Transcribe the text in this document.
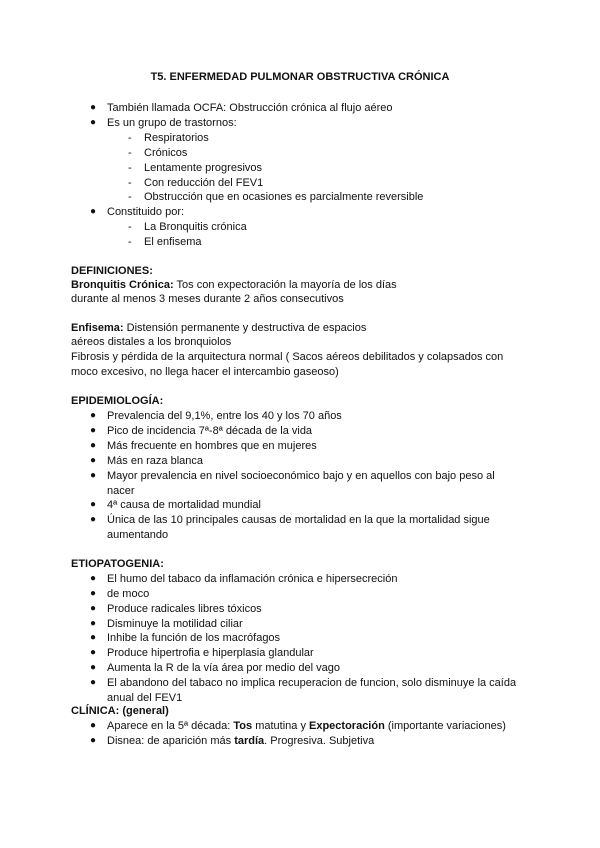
T5. ENFERMEDAD PULMONAR OBSTRUCTIVA CRÓNICA
● También llamada OCFA: Obstrucción crónica al flujo aéreo
● Es un grupo de trastornos:
- Respiratorios
- Crónicos
- Lentamente progresivos
- Con reducción del FEV1
- Obstrucción que en ocasiones es parcialmente reversible
● Constituido por:
- La Bronquitis crónica
- El enfisema
DEFINICIONES:
Bronquitis Crónica: Tos con expectoración la mayoría de los días
durante al menos 3 meses durante 2 años consecutivos
Enfisema: Distensión permanente y destructiva de espacios
aéreos distales a los bronquiolos
Fibrosis y pérdida de la arquitectura normal ( Sacos aéreos debilitados y colapsados con
moco excesivo, no llega hacer el intercambio gaseoso)
EPIDEMIOLOGÍA:
● Prevalencia del 9,1%, entre los 40 y los 70 años
● Pico de incidencia 7ª-8ª década de la vida
● Más frecuente en hombres que en mujeres
● Más en raza blanca
● Mayor prevalencia en nivel socioeconómico bajo y en aquellos con bajo peso al
nacer
● 4ª causa de mortalidad mundial
● Única de las 10 principales causas de mortalidad en la que la mortalidad sigue
aumentando
ETIOPATOGENIA:
● El humo del tabaco da inflamación crónica e hipersecreción
● de moco
● Produce radicales libres tóxicos
● Disminuye la motilidad ciliar
● Inhibe la función de los macrófagos
● Produce hipertrofia e hiperplasia glandular
● Aumenta la R de la vía área por medio del vago
● El abandono del tabaco no implica recuperacion de funcion, solo disminuye la caída
anual del FEV1
CLÍNICA: (general)
● Aparece en la 5ª década: Tos matutina y Expectoración (importante variaciones)
● Disnea: de aparición más tardía. Progresiva. Subjetiva
